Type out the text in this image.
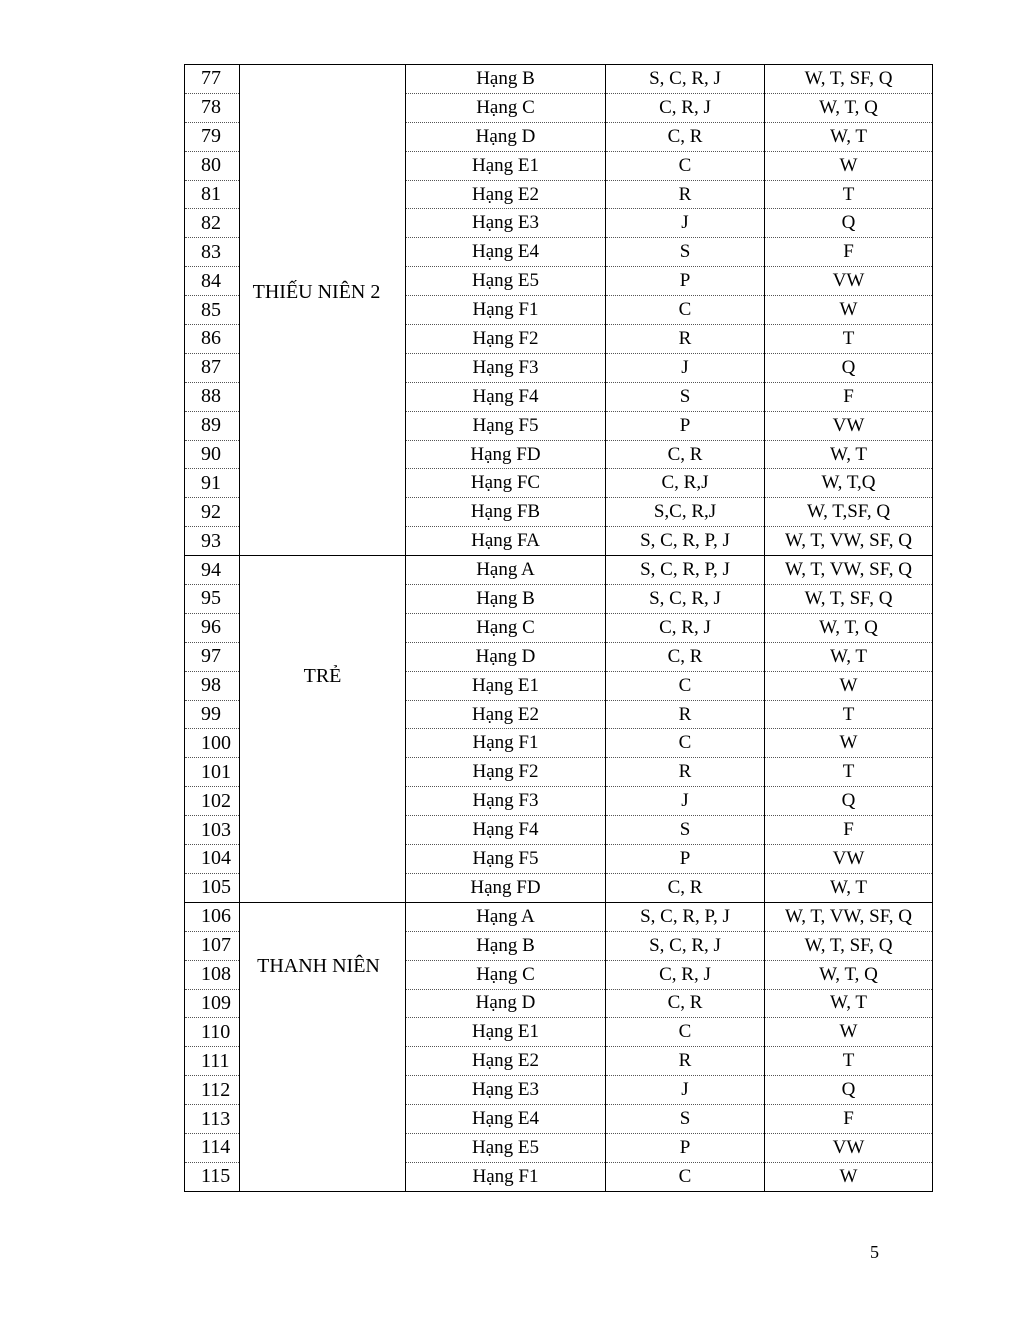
77	THIẾU NIÊN 2	Hạng B	S, C, R, J	W, T, SF, Q
78		Hạng C	C, R, J	W, T, Q
79		Hạng D	C, R	W, T
80		Hạng E1	C	W
81		Hạng E2	R	T
82		Hạng E3	J	Q
83		Hạng E4	S	F
84		Hạng E5	P	VW
85		Hạng F1	C	W
86		Hạng F2	R	T
87		Hạng F3	J	Q
88		Hạng F4	S	F
89		Hạng F5	P	VW
90		Hạng FD	C, R	W, T
91		Hạng FC	C, R,J	W, T,Q
92		Hạng FB	S,C, R,J	W, T,SF, Q
93		Hạng FA	S, C, R, P, J	W, T, VW, SF, Q
94	TRẺ	Hạng A	S, C, R, P, J	W, T, VW, SF, Q
95		Hạng B	S, C, R, J	W, T, SF, Q
96		Hạng C	C, R, J	W, T, Q
97		Hạng D	C, R	W, T
98		Hạng E1	C	W
99		Hạng E2	R	T
100		Hạng F1	C	W
101		Hạng F2	R	T
102		Hạng F3	J	Q
103		Hạng F4	S	F
104		Hạng F5	P	VW
105		Hạng FD	C, R	W, T
106	THANH NIÊN	Hạng A	S, C, R, P, J	W, T, VW, SF, Q
107		Hạng B	S, C, R, J	W, T, SF, Q
108		Hạng C	C, R, J	W, T, Q
109		Hạng D	C, R	W, T
110		Hạng E1	C	W
111		Hạng E2	R	T
112		Hạng E3	J	Q
113		Hạng E4	S	F
114		Hạng E5	P	VW
115		Hạng F1	C	W
5
